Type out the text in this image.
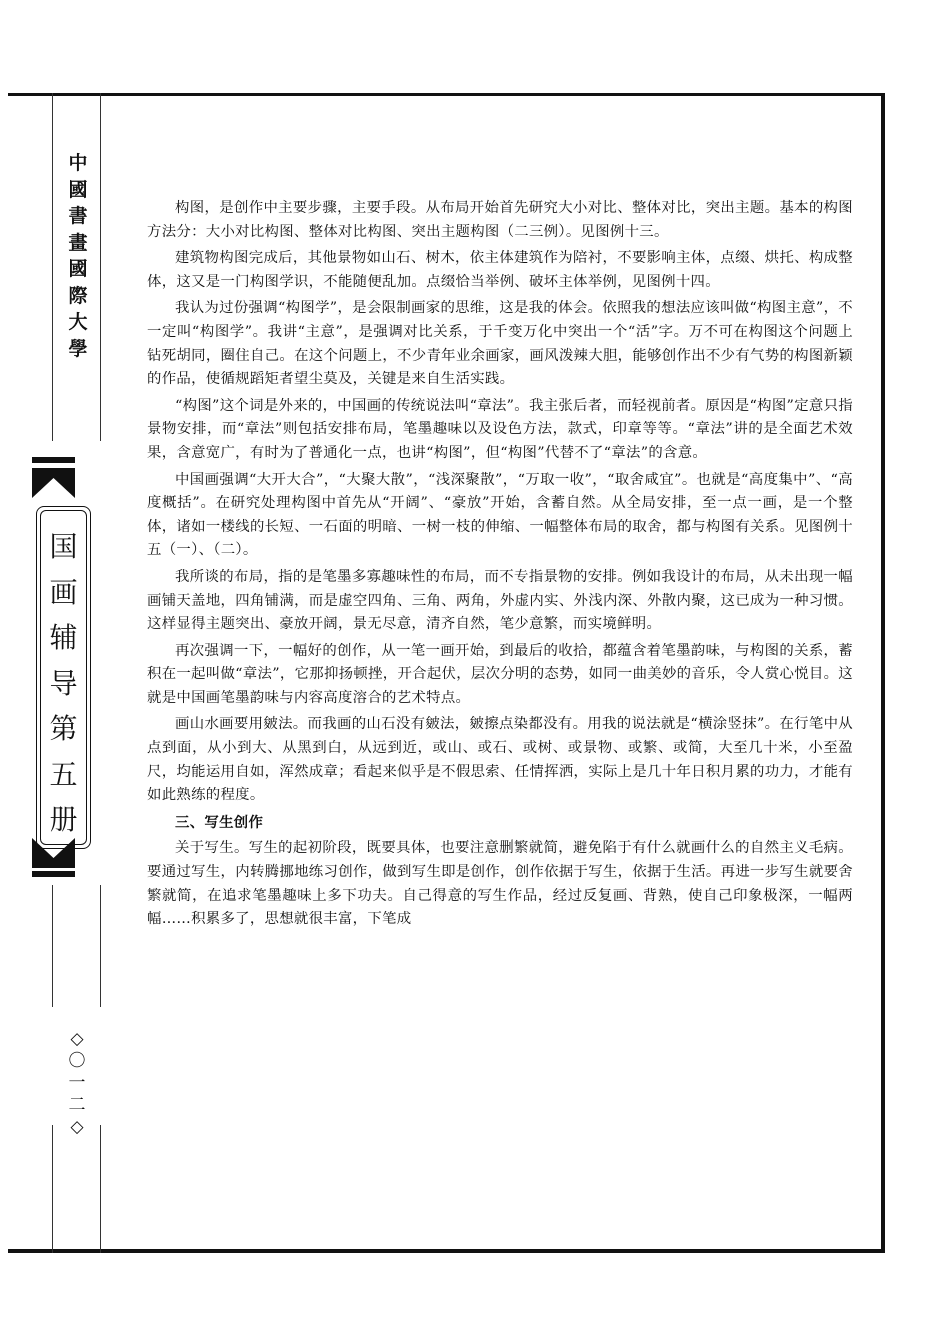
中
國
書
畫
國
際
大
學
国
画
辅
导
第
五
册
◇
〇
一
二
◇

构图，是创作中主要步骤，主要手段。从布局开始首先研究大小对比、整体对比，突出主题。基本的构图方法分：大小对比构图、整体对比构图、突出主题构图（二三例）。见图例十三。

建筑物构图完成后，其他景物如山石、树木，依主体建筑作为陪衬，不要影响主体，点缀、烘托、构成整体，这又是一门构图学识，不能随便乱加。点缀恰当举例、破坏主体举例，见图例十四。

我认为过份强调“构图学”，是会限制画家的思维，这是我的体会。依照我的想法应该叫做“构图主意”，不一定叫“构图学”。我讲“主意”，是强调对比关系，于千变万化中突出一个“活”字。万不可在构图这个问题上钻死胡同，圈住自己。在这个问题上，不少青年业余画家，画风泼辣大胆，能够创作出不少有气势的构图新颖的作品，使循规蹈矩者望尘莫及，关键是来自生活实践。

“构图”这个词是外来的，中国画的传统说法叫“章法”。我主张后者，而轻视前者。原因是“构图”定意只指景物安排，而“章法”则包括安排布局，笔墨趣味以及设色方法，款式，印章等等。“章法”讲的是全面艺术效果，含意宽广，有时为了普通化一点，也讲“构图”，但“构图”代替不了“章法”的含意。

中国画强调“大开大合”，“大聚大散”，“浅深聚散”，“万取一收”，“取舍咸宜”。也就是“高度集中”、“高度概括”。在研究处理构图中首先从“开阔”、“豪放”开始，含蓄自然。从全局安排，至一点一画，是一个整体，诸如一楼线的长短、一石面的明暗、一树一枝的伸缩、一幅整体布局的取舍，都与构图有关系。见图例十五（一）、（二）。

我所谈的布局，指的是笔墨多寡趣味性的布局，而不专指景物的安排。例如我设计的布局，从未出现一幅画铺天盖地，四角铺满，而是虚空四角、三角、两角，外虚内实、外浅内深、外散内聚，这已成为一种习惯。这样显得主题突出、豪放开阔，景无尽意，清齐自然，笔少意繁，而实境鲜明。

再次强调一下，一幅好的创作，从一笔一画开始，到最后的收拾，都蕴含着笔墨韵味，与构图的关系，蓄积在一起叫做“章法”，它那抑扬顿挫，开合起伏，层次分明的态势，如同一曲美妙的音乐，令人赏心悦目。这就是中国画笔墨韵味与内容高度溶合的艺术特点。

画山水画要用皴法。而我画的山石没有皴法，皴擦点染都没有。用我的说法就是“横涂竖抹”。在行笔中从点到面，从小到大、从黑到白，从远到近，或山、或石、或树、或景物、或繁、或简，大至几十米，小至盈尺，均能运用自如，浑然成章；看起来似乎是不假思索、任情挥洒，实际上是几十年日积月累的功力，才能有如此熟练的程度。

三、写生创作

关于写生。写生的起初阶段，既要具体，也要注意删繁就简，避免陷于有什么就画什么的自然主义毛病。要通过写生，内转腾挪地练习创作，做到写生即是创作，创作依据于写生，依据于生活。再进一步写生就要舍繁就简，在追求笔墨趣味上多下功夫。自己得意的写生作品，经过反复画、背熟，使自己印象极深，一幅两幅……积累多了，思想就很丰富，下笔成
